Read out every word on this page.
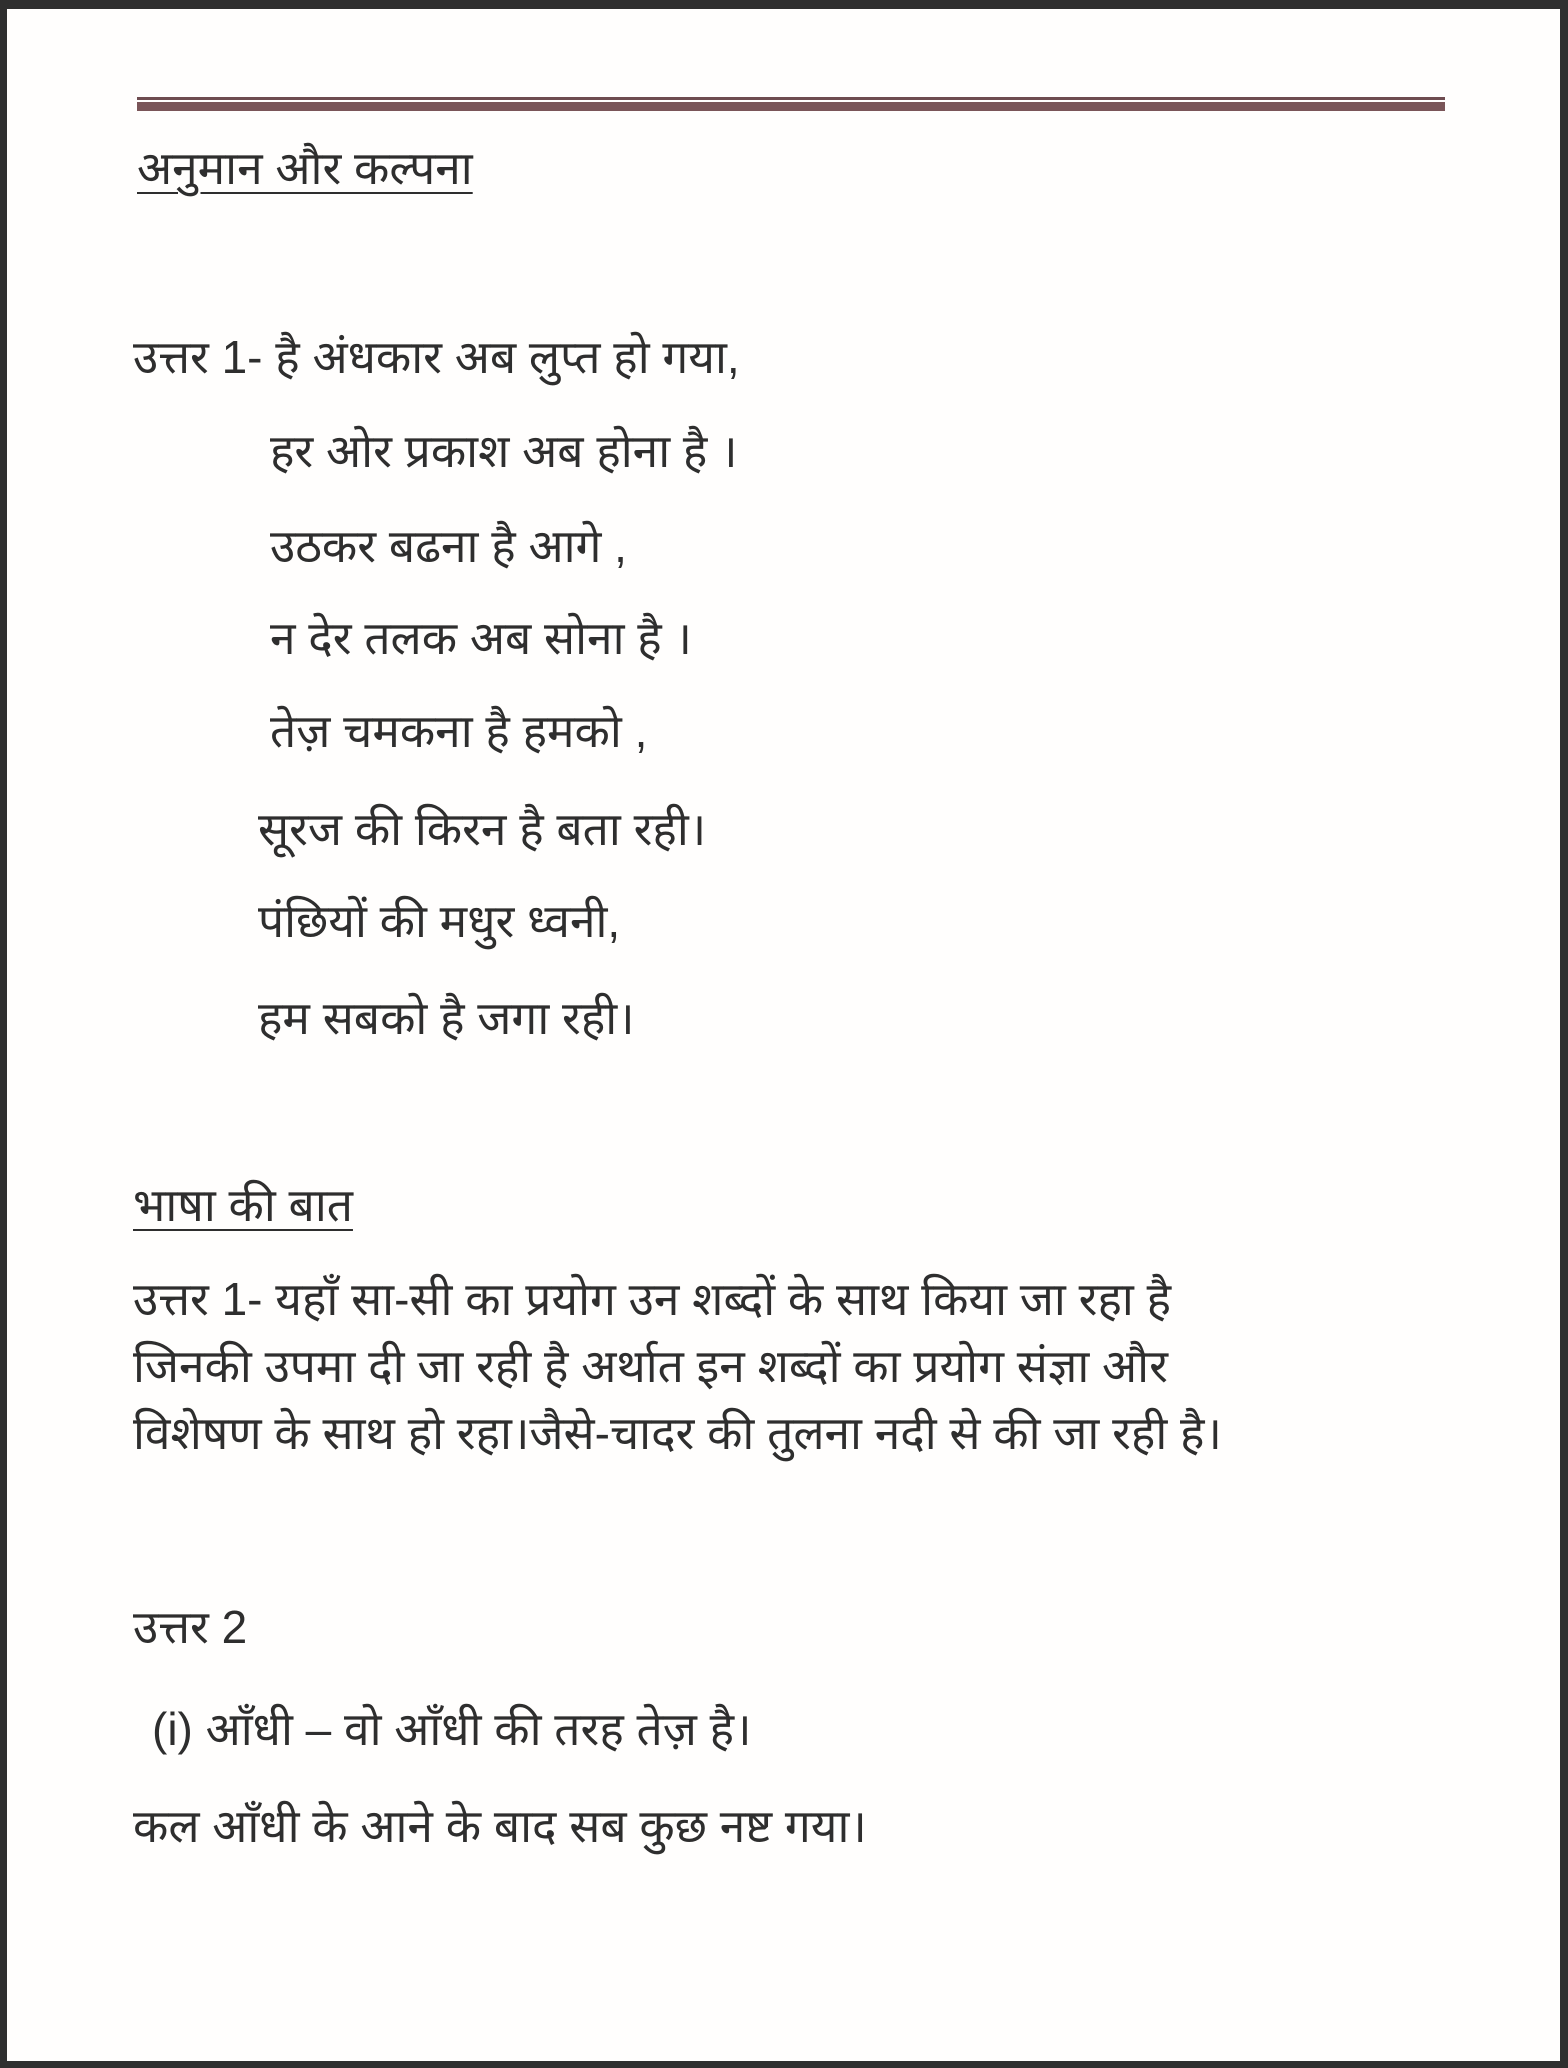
अनुमान और कल्पना
उत्तर 1- है अंधकार अब लुप्त हो गया,
हर ओर प्रकाश अब होना है ।
उठकर बढना है आगे ,
न देर तलक अब सोना है ।
तेज़ चमकना है हमको ,
सूरज की किरन है बता रही।
पंछियों की मधुर ध्वनी,
हम सबको है जगा रही।
भाषा की बात
उत्तर 1- यहाँ सा-सी का प्रयोग उन शब्दों के साथ किया जा रहा है
जिनकी उपमा दी जा रही है अर्थात इन शब्दों का प्रयोग संज्ञा और
विशेषण के साथ हो रहा।जैसे-चादर की तुलना नदी से की जा रही है।
उत्तर 2
(i) आँधी – वो आँधी की तरह तेज़ है।
कल आँधी के आने के बाद सब कुछ नष्ट गया।
